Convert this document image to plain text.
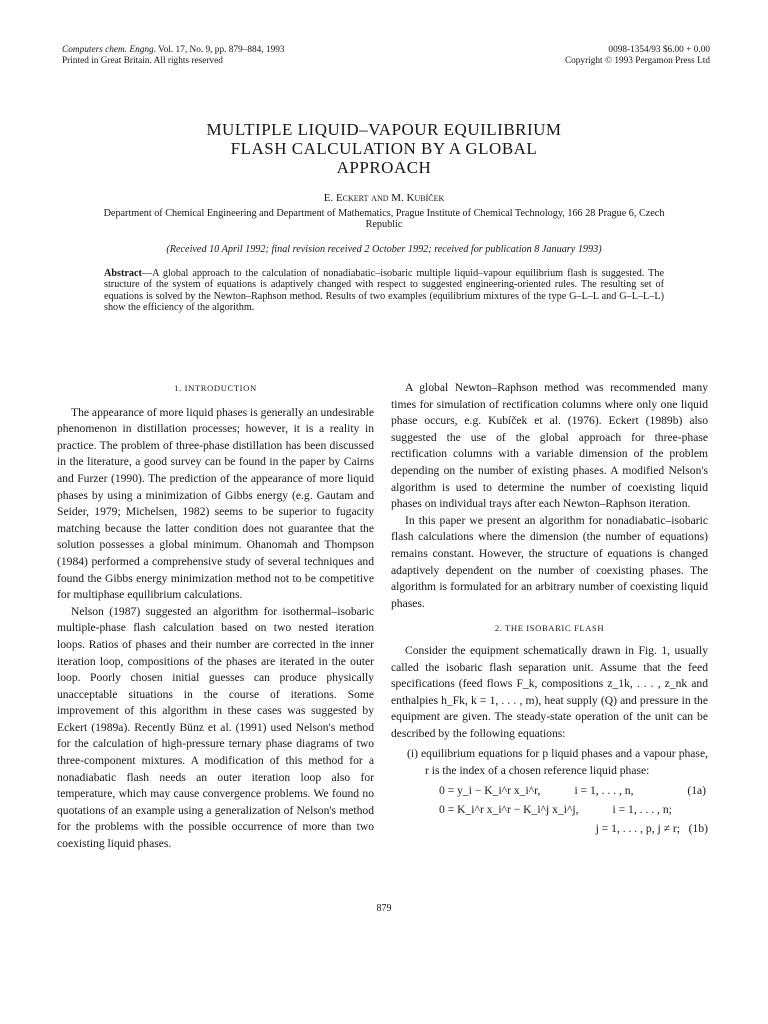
Computers chem. Engng. Vol. 17, No. 9, pp. 879–884, 1993
Printed in Great Britain. All rights reserved
0098-1354/93 $6.00 + 0.00
Copyright © 1993 Pergamon Press Ltd
MULTIPLE LIQUID–VAPOUR EQUILIBRIUM
FLASH CALCULATION BY A GLOBAL
APPROACH
E. Eckert and M. Kubíček
Department of Chemical Engineering and Department of Mathematics, Prague Institute of Chemical Technology, 166 28 Prague 6, Czech Republic
(Received 10 April 1992; final revision received 2 October 1992; received for publication 8 January 1993)
Abstract—A global approach to the calculation of nonadiabatic–isobaric multiple liquid–vapour equilibrium flash is suggested. The structure of the system of equations is adaptively changed with respect to suggested engineering-oriented rules. The resulting set of equations is solved by the Newton–Raphson method. Results of two examples (equilibrium mixtures of the type G–L–L and G–L–L–L) show the efficiency of the algorithm.
1. INTRODUCTION

The appearance of more liquid phases is generally an undesirable phenomenon in distillation processes; however, it is a reality in practice. The problem of three-phase distillation has been discussed in the literature, a good survey can be found in the paper by Cairns and Furzer (1990). The prediction of the appearance of more liquid phases by using a minimization of Gibbs energy (e.g. Gautam and Seider, 1979; Michelsen, 1982) seems to be superior to fugacity matching because the latter condition does not guarantee that the solution possesses a global minimum. Ohanomah and Thompson (1984) performed a comprehensive study of several techniques and found the Gibbs energy minimization method not to be competitive for multiphase equilibrium calculations.

Nelson (1987) suggested an algorithm for isothermal–isobaric multiple-phase flash calculation based on two nested iteration loops. Ratios of phases and their number are corrected in the inner iteration loop, compositions of the phases are iterated in the outer loop. Poorly chosen initial guesses can produce physically unacceptable situations in the course of iterations. Some improvement of this algorithm in these cases was suggested by Eckert (1989a). Recently Bünz et al. (1991) used Nelson's method for the calculation of high-pressure ternary phase diagrams of two three-component mixtures. A modification of this method for a nonadiabatic flash needs an outer iteration loop also for temperature, which may cause convergence problems. We found no quotations of an example using a generalization of Nelson's method for the problems with the possible occurrence of more than two coexisting liquid phases.

A global Newton–Raphson method was recommended many times for simulation of rectification columns where only one liquid phase occurs, e.g. Kubíček et al. (1976). Eckert (1989b) also suggested the use of the global approach for three-phase rectification columns with a variable dimension of the problem depending on the number of existing phases. A modified Nelson's algorithm is used to determine the number of coexisting liquid phases on individual trays after each Newton–Raphson iteration.

In this paper we present an algorithm for nonadiabatic–isobaric flash calculations where the dimension (the number of equations) remains constant. However, the structure of equations is changed adaptively dependent on the number of coexisting phases. The algorithm is formulated for an arbitrary number of coexisting liquid phases.

2. THE ISOBARIC FLASH

Consider the equipment schematically drawn in Fig. 1, usually called the isobaric flash separation unit. Assume that the feed specifications (feed flows F_k, compositions z_1k, . . . , z_nk and enthalpies h_Fk, k = 1, . . . , m), heat supply (Q) and pressure in the equipment are given. The steady-state operation of the unit can be described by the following equations:

(i) equilibrium equations for p liquid phases and a vapour phase, r is the index of a chosen reference liquid phase:
0 = y_i − K_i^r x_i^r,	i = 1, . . . , n,	(1a)
0 = K_i^r x_i^r − K_i^j x_i^j,	i = 1, . . . , n;
j = 1, . . . , p, j ≠ r; (1b)
879
